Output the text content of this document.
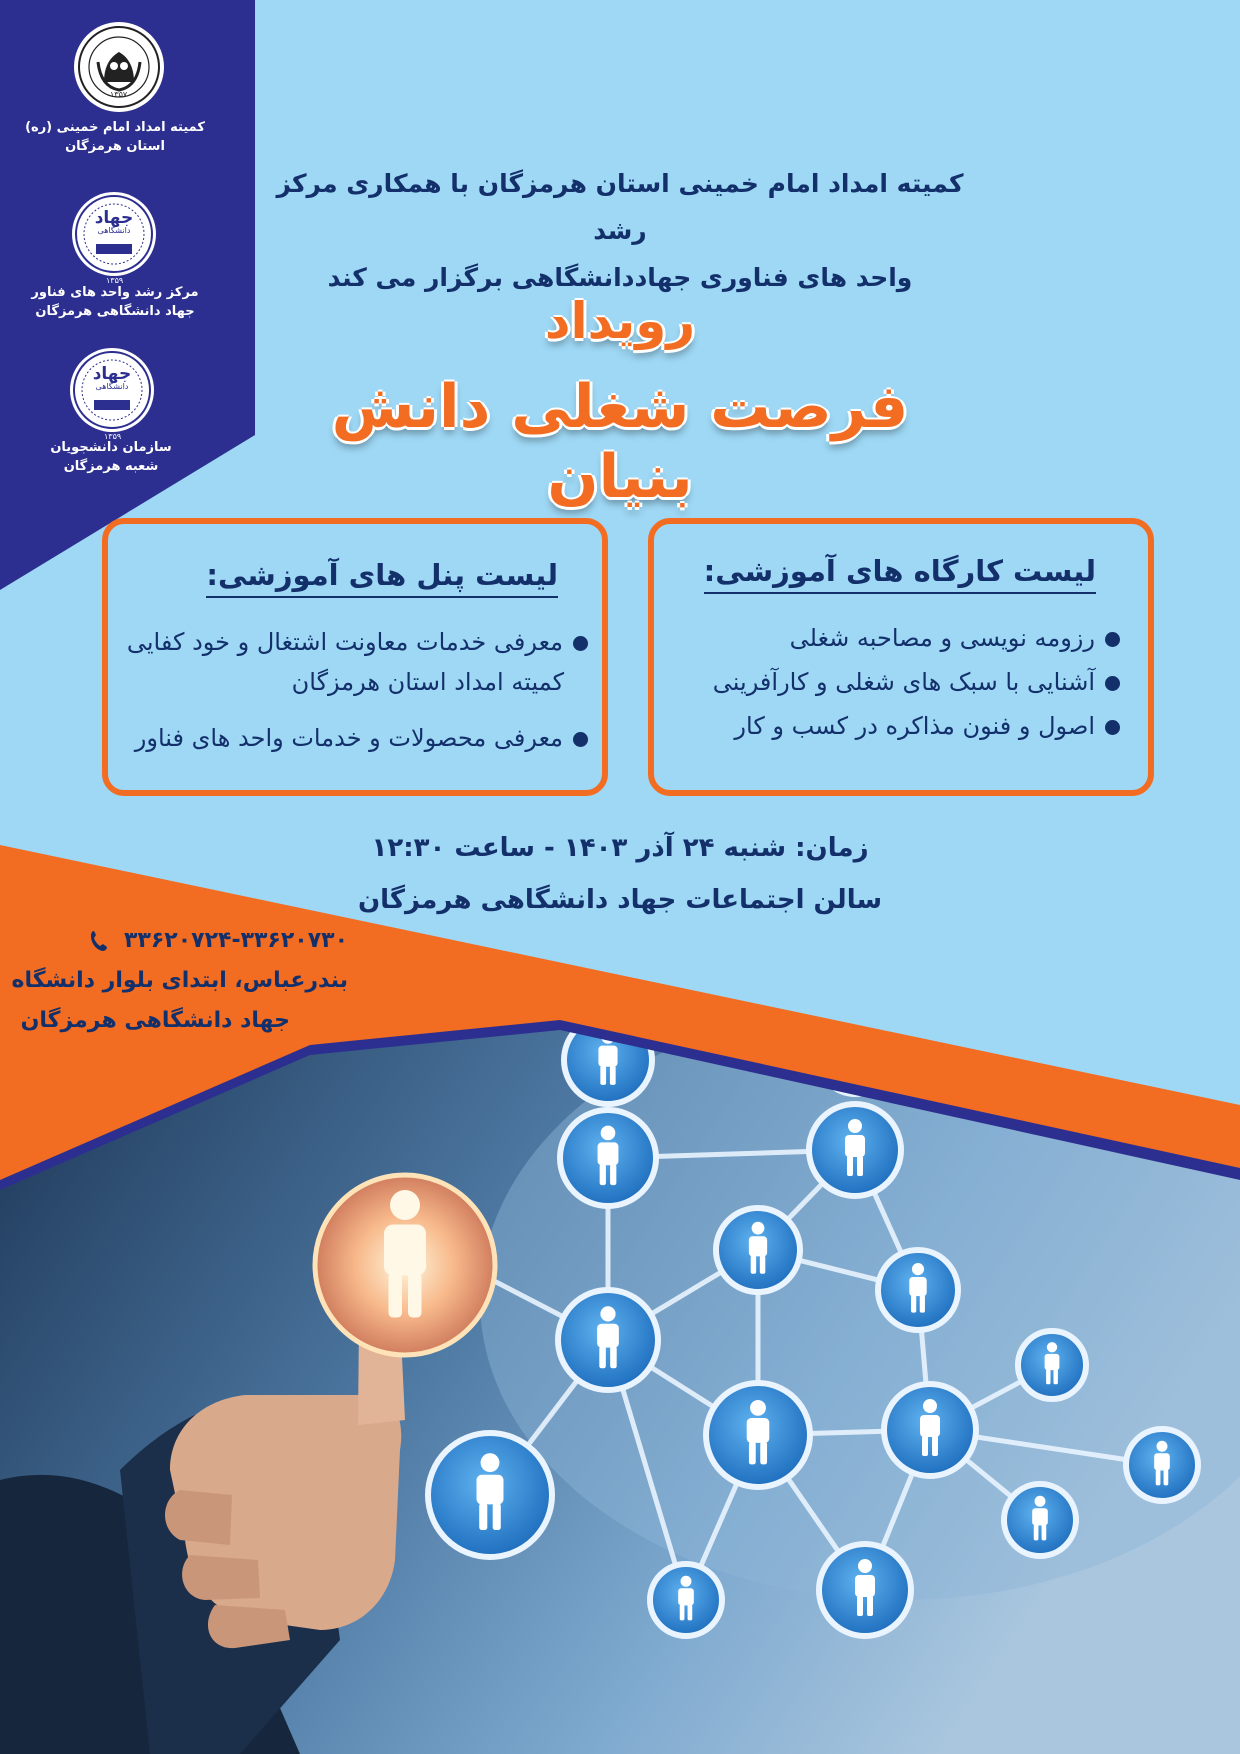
۱۳۵۷
کمیته امداد امام خمینی (ره)
استان هرمزگان
جهاد
دانشگاهی
۱۳۵۹
مرکز رشد واحد های فناور
جهاد دانشگاهی هرمزگان
جهاد
دانشگاهی
۱۳۵۹
سازمان دانشجویان
شعبه هرمزگان
کمیته امداد امام خمینی استان هرمزگان با همکاری مرکز رشد
واحد های فناوری جهاددانشگاهی برگزار می کند
رویداد
فرصت شغلی دانش بنیان
لیست کارگاه های آموزشی:
رزومه نویسی و مصاحبه شغلی
آشنایی با سبک های شغلی و کارآفرینی
اصول و فنون مذاکره در کسب و کار
لیست پنل های آموزشی:
معرفی خدمات معاونت اشتغال و خود کفایی
کمیته امداد استان هرمزگان
معرفی محصولات و خدمات واحد های فناور
زمان: شنبه ۲۴ آذر ۱۴۰۳ - ساعت ۱۲:۳۰
سالن اجتماعات جهاد دانشگاهی هرمزگان
۳۳۶۲۰۷۲۴-۳۳۶۲۰۷۳۰
بندرعباس، ابتدای بلوار دانشگاه
جهاد دانشگاهی هرمزگان
